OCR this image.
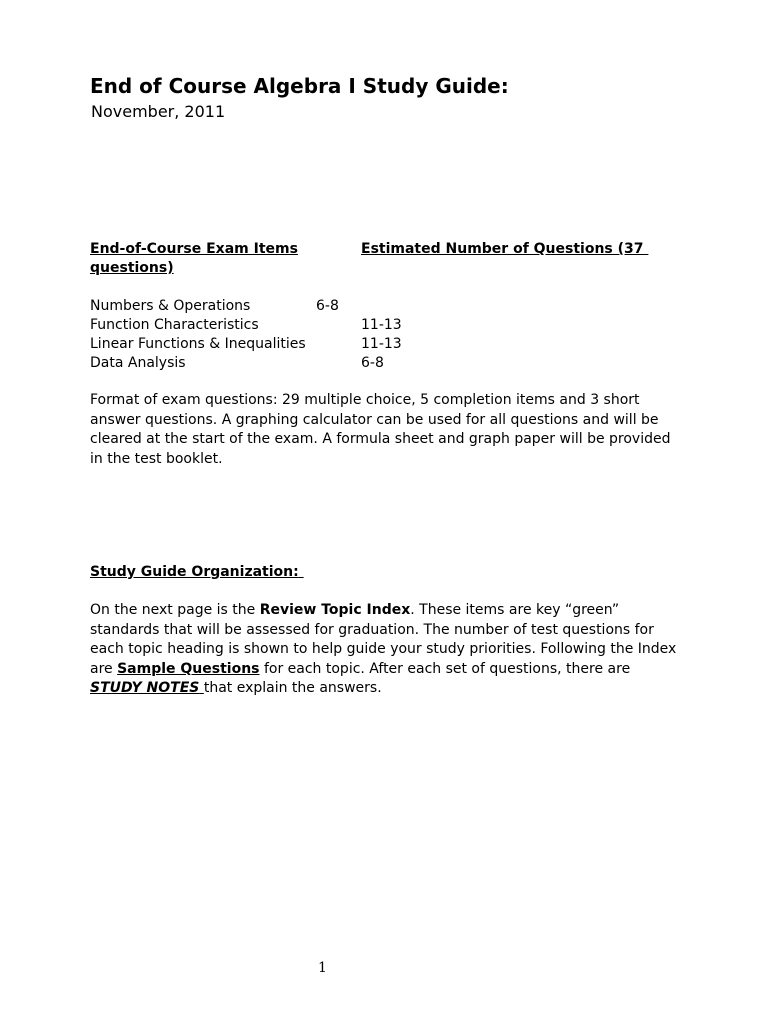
End of Course Algebra I Study Guide:
November, 2011
End-of-Course Exam Items	Estimated Number of Questions (37
questions)
Numbers & Operations	6-8
Function Characteristics	11-13
Linear Functions & Inequalities	11-13
Data Analysis	6-8
Format of exam questions: 29 multiple choice, 5 completion items and 3 short answer questions. A graphing calculator can be used for all questions and will be cleared at the start of the exam. A formula sheet and graph paper will be provided in the test booklet.
Study Guide Organization:
On the next page is the Review Topic Index. These items are key “green” standards that will be assessed for graduation. The number of test questions for each topic heading is shown to help guide your study priorities. Following the Index are Sample Questions for each topic. After each set of questions, there are STUDY NOTES that explain the answers.
1
